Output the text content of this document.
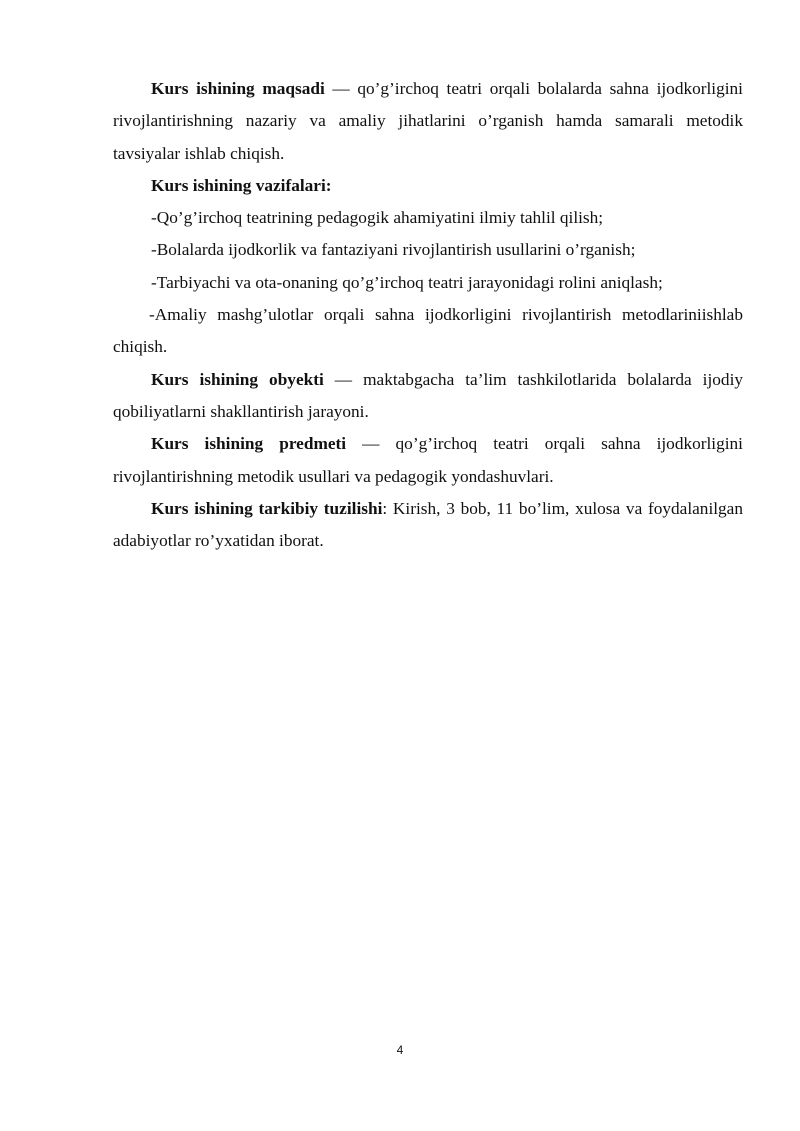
Kurs ishining maqsadi — qo’g’irchoq teatri orqali bolalarda sahna ijodkorligini rivojlantirishning nazariy va amaliy jihatlarini o’rganish hamda samarali metodik tavsiyalar ishlab chiqish.

Kurs ishining vazifalari:

-Qo’g’irchoq teatrining pedagogik ahamiyatini ilmiy tahlil qilish;

-Bolalarda ijodkorlik va fantaziyani rivojlantirish usullarini o’rganish;

-Tarbiyachi va ota-onaning qo’g’irchoq teatri jarayonidagi rolini aniqlash;

-Amaliy mashg’ulotlar orqali sahna ijodkorligini rivojlantirish metodlariniishlab chiqish.

Kurs ishining obyekti — maktabgacha ta’lim tashkilotlarida bolalarda ijodiy qobiliyatlarni shakllantirish jarayoni.

Kurs ishining predmeti — qo’g’irchoq teatri orqali sahna ijodkorligini rivojlantirishning metodik usullari va pedagogik yondashuvlari.

Kurs ishining tarkibiy tuzilishi: Kirish, 3 bob, 11 bo’lim, xulosa va foydalanilgan adabiyotlar ro’yxatidan iborat.

4
